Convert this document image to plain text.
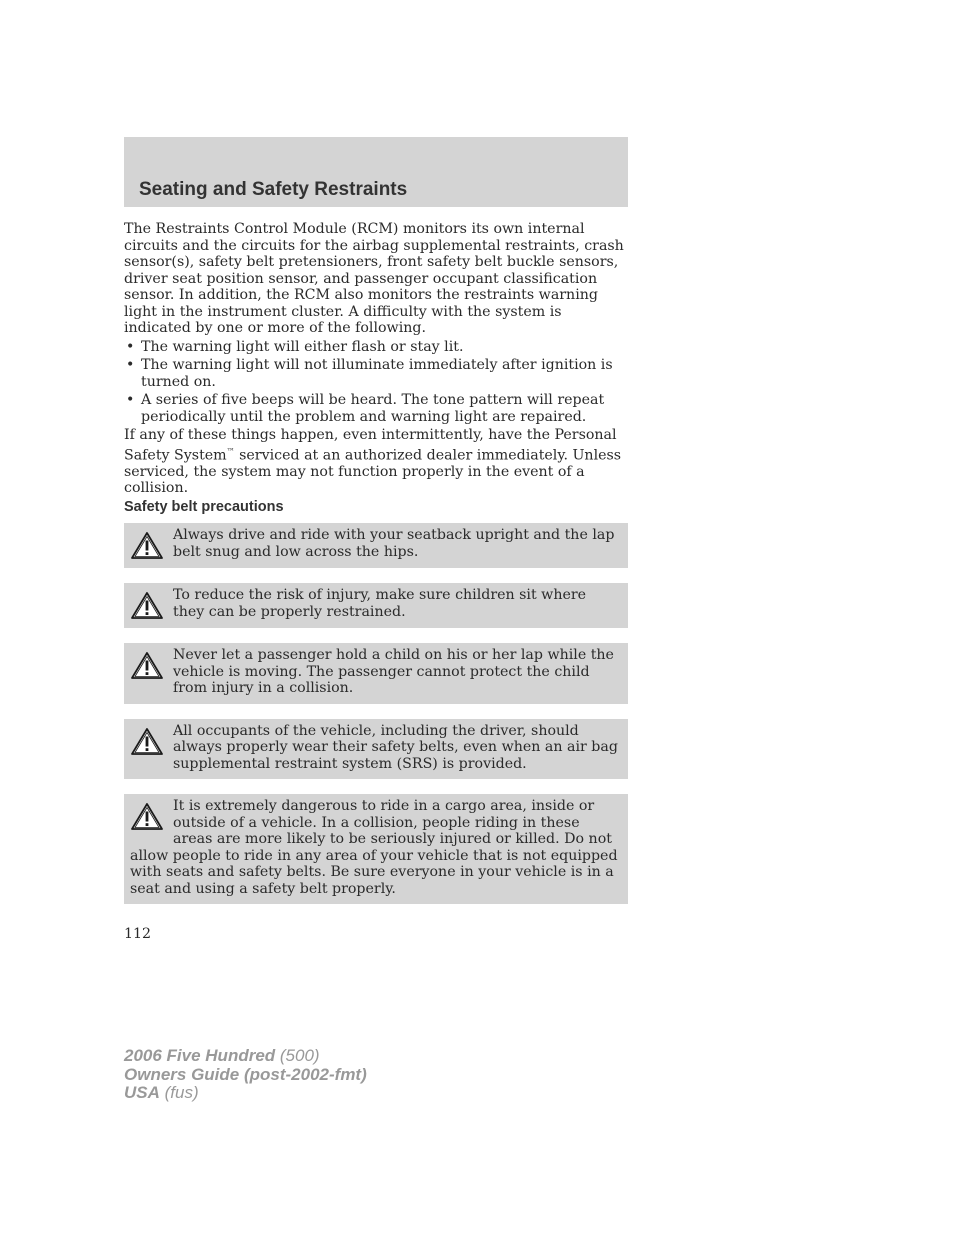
Seating and Safety Restraints

The Restraints Control Module (RCM) monitors its own internal circuits and the circuits for the airbag supplemental restraints, crash sensor(s), safety belt pretensioners, front safety belt buckle sensors, driver seat position sensor, and passenger occupant classification sensor. In addition, the RCM also monitors the restraints warning light in the instrument cluster. A difficulty with the system is indicated by one or more of the following.

• The warning light will either flash or stay lit.
• The warning light will not illuminate immediately after ignition is turned on.
• A series of five beeps will be heard. The tone pattern will repeat periodically until the problem and warning light are repaired.

If any of these things happen, even intermittently, have the Personal Safety System™ serviced at an authorized dealer immediately. Unless serviced, the system may not function properly in the event of a collision.

Safety belt precautions
Always drive and ride with your seatback upright and the lap belt snug and low across the hips.
To reduce the risk of injury, make sure children sit where they can be properly restrained.
Never let a passenger hold a child on his or her lap while the vehicle is moving. The passenger cannot protect the child from injury in a collision.
All occupants of the vehicle, including the driver, should always properly wear their safety belts, even when an air bag supplemental restraint system (SRS) is provided.
It is extremely dangerous to ride in a cargo area, inside or outside of a vehicle. In a collision, people riding in these areas are more likely to be seriously injured or killed. Do not allow people to ride in any area of your vehicle that is not equipped with seats and safety belts. Be sure everyone in your vehicle is in a seat and using a safety belt properly.
112
2006 Five Hundred (500)
Owners Guide (post-2002-fmt)
USA (fus)
